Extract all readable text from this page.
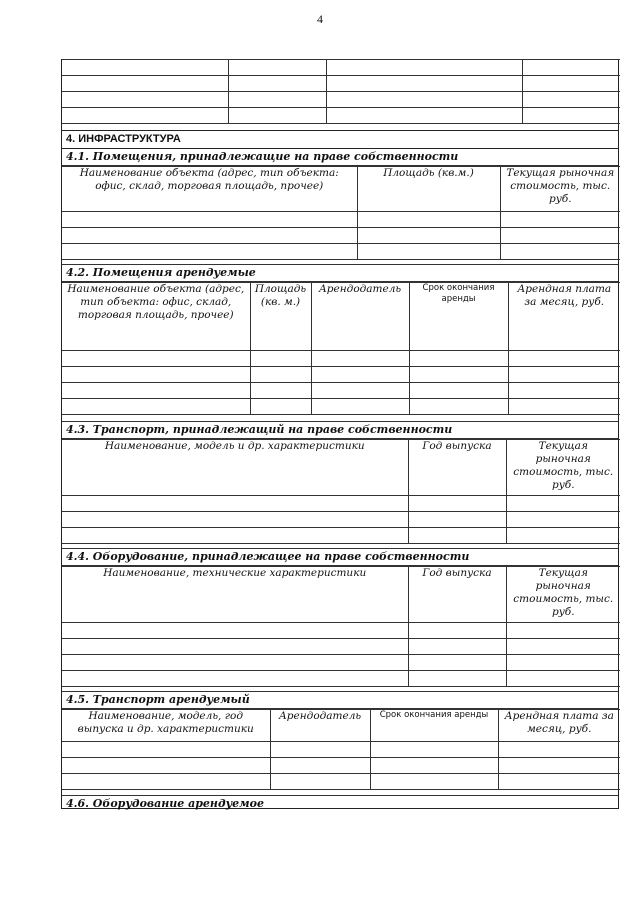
4

4. ИНФРАСТРУКТУРА
4.1. Помещения, принадлежащие на праве собственности
Наименование объекта (адрес, тип объекта: офис, склад, торговая площадь, прочее)	Площадь (кв.м.)	Текущая рыночная стоимость, тыс. руб.

4.2. Помещения арендуемые
Наименование объекта (адрес, тип объекта: офис, склад, торговая площадь, прочее)	Площадь (кв. м.)	Арендодатель	Срок окончания аренды	Арендная плата за месяц, руб.

4.3. Транспорт, принадлежащий на праве собственности
Наименование, модель и др. характеристики	Год выпуска	Текущая рыночная стоимость, тыс. руб.

4.4. Оборудование, принадлежащее на праве собственности
Наименование, технические характеристики	Год выпуска	Текущая рыночная стоимость, тыс. руб.

4.5. Транспорт арендуемый
Наименование, модель, год выпуска и др. характеристики	Арендодатель	Срок окончания аренды	Арендная плата за месяц, руб.

4.6. Оборудование арендуемое
